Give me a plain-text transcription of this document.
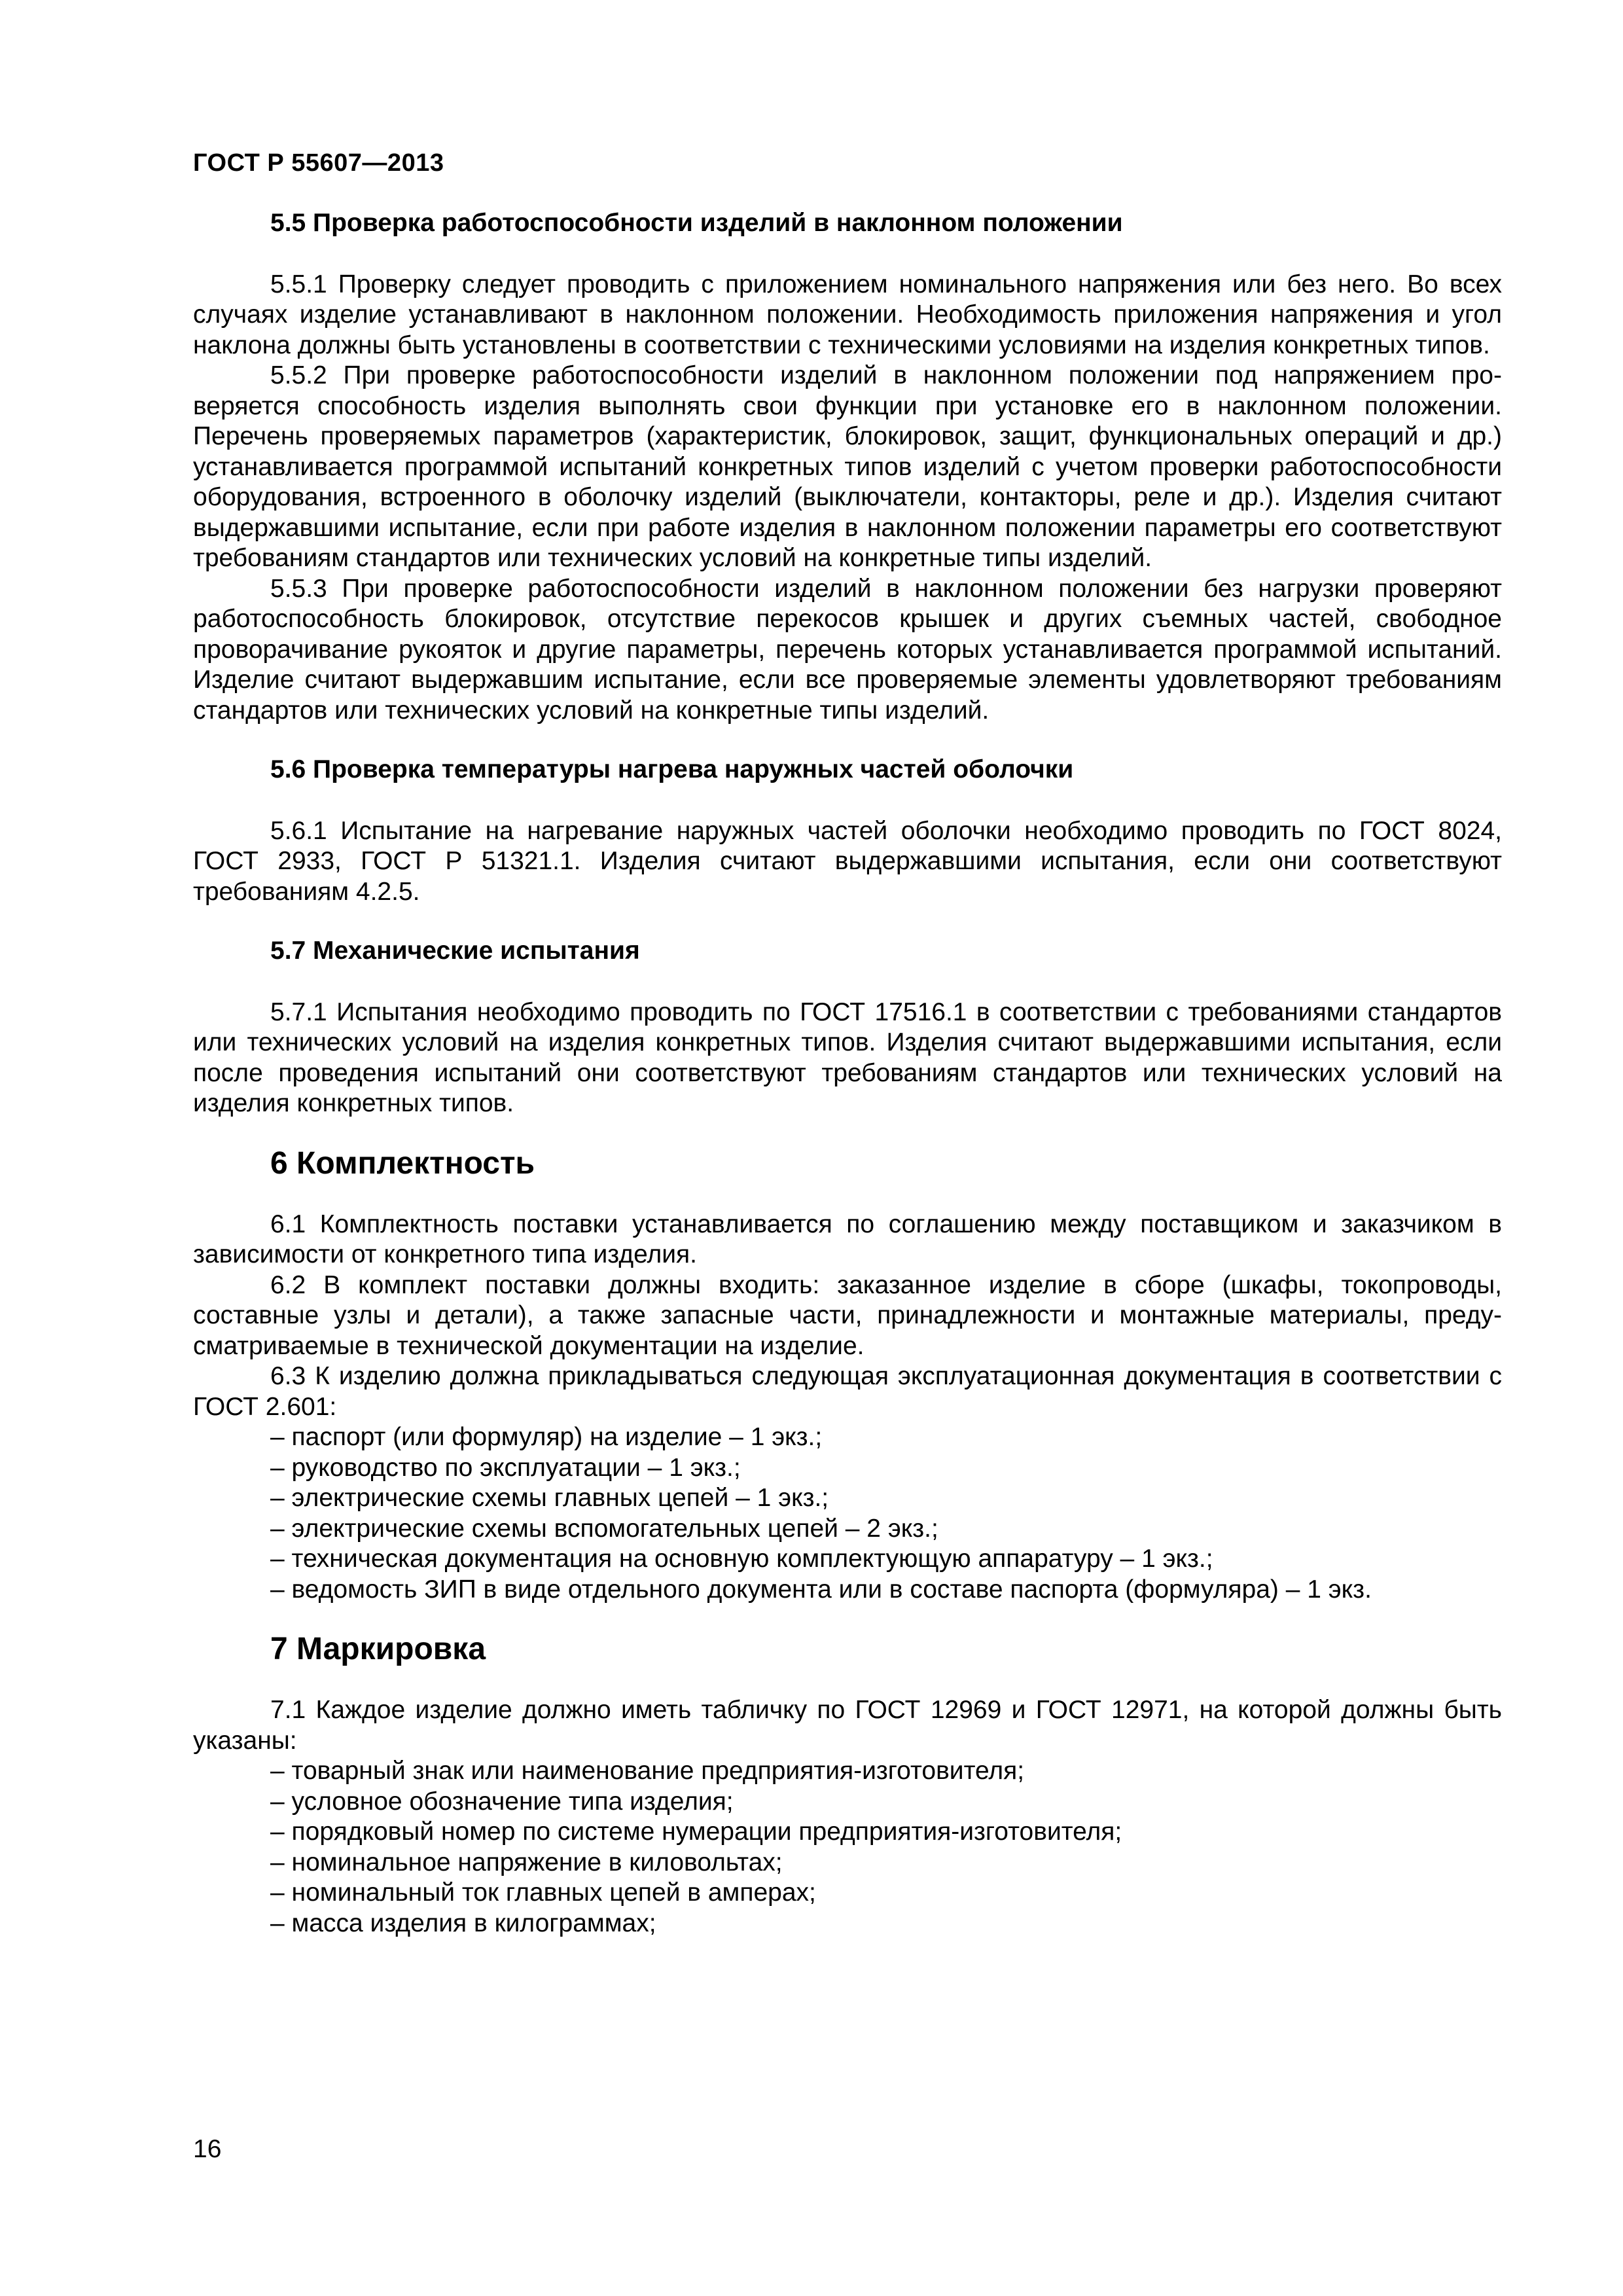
ГОСТ Р 55607—2013
5.5 Проверка работоспособности изделий в наклонном положении

5.5.1 Проверку следует проводить с приложением номинального напряжения или без него. Во всех случаях изделие устанавливают в наклонном положении. Необходимость приложения напряжения и угол наклона должны быть установлены в соответствии с техническими условиями на изделия конкретных типов.

5.5.2 При проверке работоспособности изделий в наклонном положении под напряжением проверяется способность изделия выполнять свои функции при установке его в наклонном положении. Перечень проверяемых параметров (характеристик, блокировок, защит, функциональных операций и др.) устанавливается программой испытаний конкретных типов изделий с учетом проверки работоспособности оборудования, встроенного в оболочку изделий (выключатели, контакторы, реле и др.). Изделия считают выдержавшими испытание, если при работе изделия в наклонном положении параметры его соответствуют требованиям стандартов или технических условий на конкретные типы изделий.

5.5.3 При проверке работоспособности изделий в наклонном положении без нагрузки проверяют работоспособность блокировок, отсутствие перекосов крышек и других съемных частей, свободное проворачивание рукояток и другие параметры, перечень которых устанавливается программой испытаний. Изделие считают выдержавшим испытание, если все проверяемые элементы удовлетворяют требованиям стандартов или технических условий на конкретные типы изделий.

5.6 Проверка температуры нагрева наружных частей оболочки

5.6.1 Испытание на нагревание наружных частей оболочки необходимо проводить по ГОСТ 8024, ГОСТ 2933, ГОСТ Р 51321.1. Изделия считают выдержавшими испытания, если они соответствуют требованиям 4.2.5.

5.7 Механические испытания

5.7.1 Испытания необходимо проводить по ГОСТ 17516.1 в соответствии с требованиями стандартов или технических условий на изделия конкретных типов. Изделия считают выдержавшими испытания, если после проведения испытаний они соответствуют требованиям стандартов или технических условий на изделия конкретных типов.

6 Комплектность

6.1 Комплектность поставки устанавливается по соглашению между поставщиком и заказчиком в зависимости от конкретного типа изделия.

6.2 В комплект поставки должны входить: заказанное изделие в сборе (шкафы, токопроводы, составные узлы и детали), а также запасные части, принадлежности и монтажные материалы, предусматриваемые в технической документации на изделие.

6.3 К изделию должна прикладываться следующая эксплуатационная документация в соответствии с ГОСТ 2.601:

– паспорт (или формуляр) на изделие – 1 экз.;
– руководство по эксплуатации – 1 экз.;
– электрические схемы главных цепей – 1 экз.;
– электрические схемы вспомогательных цепей – 2 экз.;
– техническая документация на основную комплектующую аппаратуру – 1 экз.;
– ведомость ЗИП в виде отдельного документа или в составе паспорта (формуляра) – 1 экз.
7 Маркировка

7.1 Каждое изделие должно иметь табличку по ГОСТ 12969 и ГОСТ 12971, на которой должны быть указаны:

– товарный знак или наименование предприятия-изготовителя;
– условное обозначение типа изделия;
– порядковый номер по системе нумерации предприятия-изготовителя;
– номинальное напряжение в киловольтах;
– номинальный ток главных цепей в амперах;
– масса изделия в килограммах;
16
